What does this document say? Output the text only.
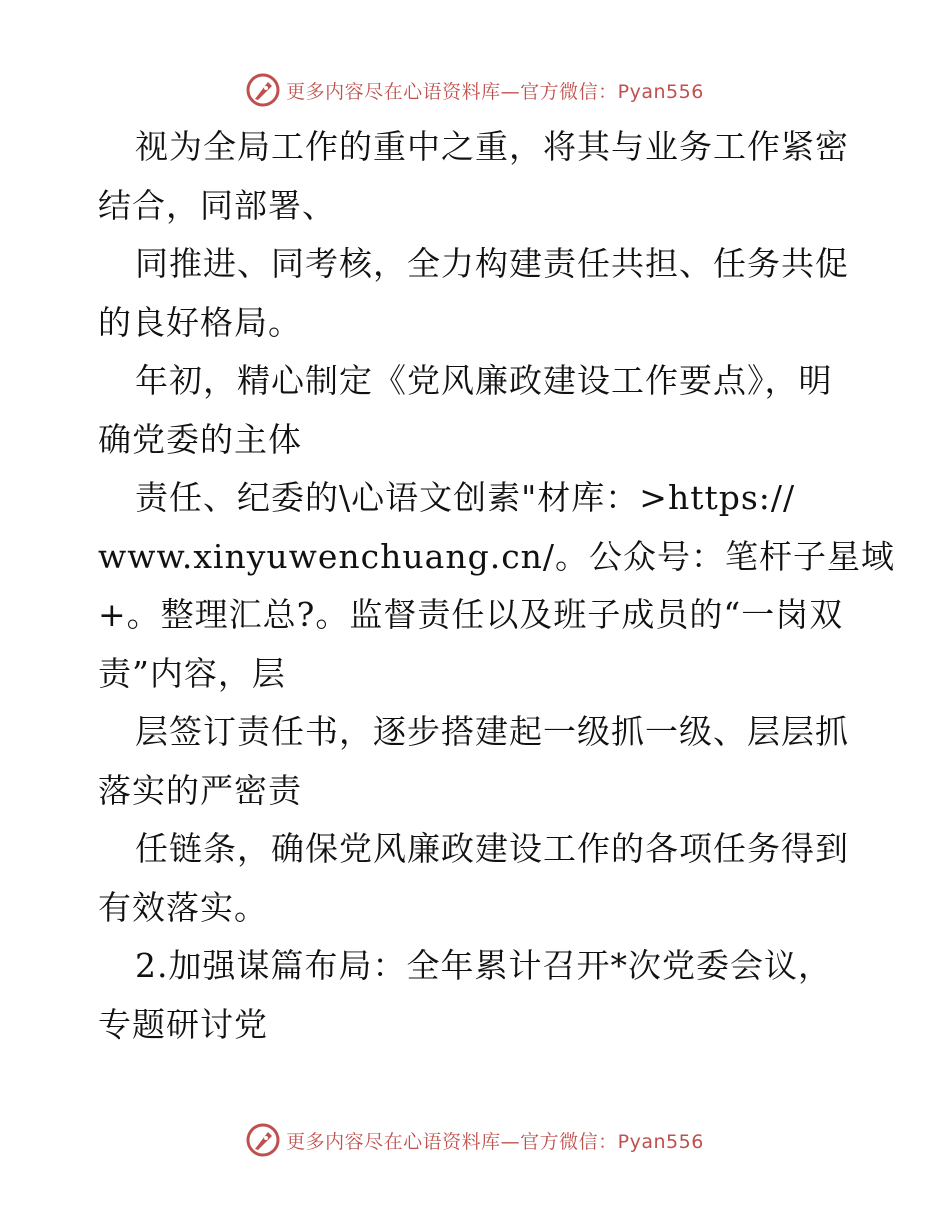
更多内容尽在心语资料库—官方微信：Pyan556
视为全局工作的重中之重，将其与业务工作紧密
结合，同部署、
同推进、同考核，全力构建责任共担、任务共促
的良好格局。
年初，精心制定《党风廉政建设工作要点》，明
确党委的主体
责任、纪委的\心语文创素"材库：>https://
www.xinyuwenchuang.cn/。公众号：笔杆子星域
+。整理汇总?。监督责任以及班子成员的“一岗双
责”内容，层
层签订责任书，逐步搭建起一级抓一级、层层抓
落实的严密责
任链条，确保党风廉政建设工作的各项任务得到
有效落实。
2.加强谋篇布局：全年累计召开*次党委会议，
专题研讨党
更多内容尽在心语资料库—官方微信：Pyan556
